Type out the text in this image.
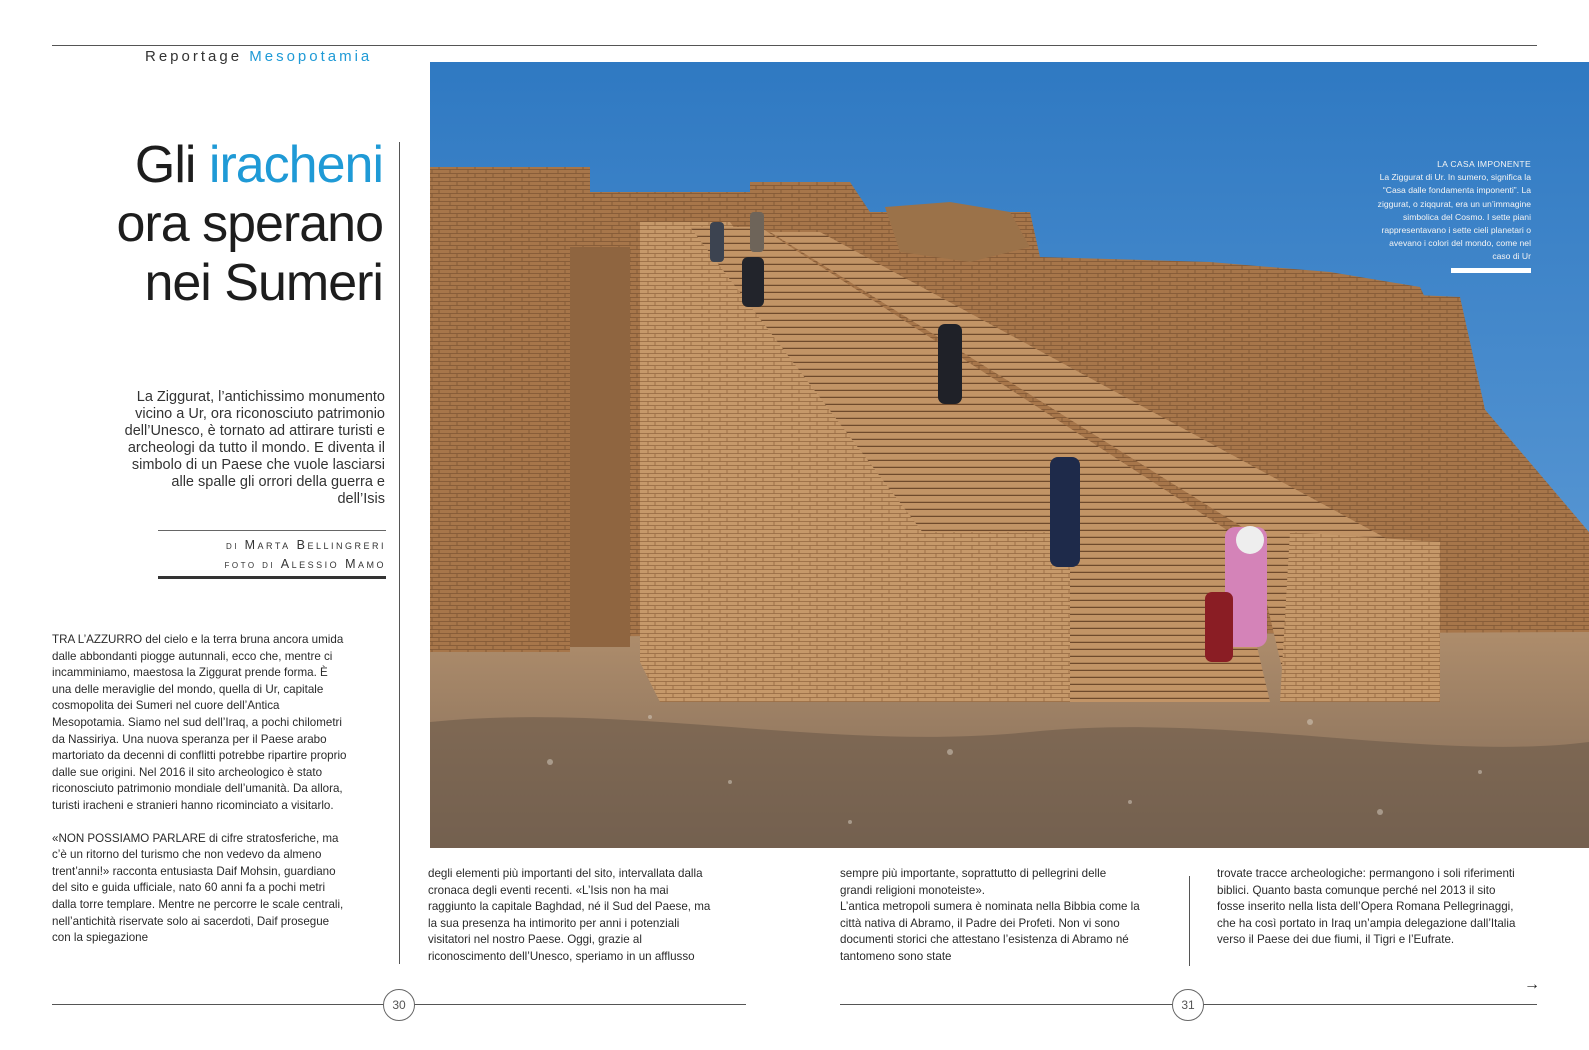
Reportage Mesopotamia
Gli iracheni
ora sperano
nei Sumeri
La Ziggurat, l’antichissimo monumento vicino a Ur, ora riconosciuto patrimonio dell’Unesco, è tornato ad attirare turisti e archeologi da tutto il mondo. E diventa il simbolo di un Paese che vuole lasciarsi alle spalle gli orrori della guerra e dell’Isis
di Marta Bellingreri
foto di Alessio Mamo
LA CASA IMPONENTE
La Ziggurat di Ur. In sumero, significa la “Casa dalle fondamenta imponenti”. La ziggurat, o ziqqurat, era un un’immagine simbolica del Cosmo. I sette piani rappresentavano i sette cieli planetari o avevano i colori del mondo, come nel caso di Ur

TRA L’AZZURRO del cielo e la terra bruna ancora umida dalle abbondanti piogge autunnali, ecco che, mentre ci incamminiamo, maestosa la Ziggurat prende forma. È una delle meraviglie del mondo, quella di Ur, capitale cosmopolita dei Sumeri nel cuore dell’Antica Mesopotamia. Siamo nel sud dell’Iraq, a pochi chilometri da Nassiriya. Una nuova speranza per il Paese arabo martoriato da decenni di conflitti potrebbe ripartire proprio dalle sue origini. Nel 2016 il sito archeologico è stato riconosciuto patrimonio mondiale dell’umanità. Da allora, turisti iracheni e stranieri hanno ricominciato a visitarlo.

«NON POSSIAMO PARLARE di cifre stratosferiche, ma c’è un ritorno del turismo che non vedevo da almeno trent’anni!» racconta entusiasta Daif Mohsin, guardiano del sito e guida ufficiale, nato 60 anni fa a pochi metri dalla torre templare. Mentre ne percorre le scale centrali, nell’antichità riservate solo ai sacerdoti, Daif prosegue con la spiegazione

degli elementi più importanti del sito, intervallata dalla cronaca degli eventi recenti. «L’Isis non ha mai raggiunto la capitale Baghdad, né il Sud del Paese, ma la sua presenza ha intimorito per anni i potenziali visitatori nel nostro Paese. Oggi, grazie al riconoscimento dell’Unesco, speriamo in un afflusso

sempre più importante, soprattutto di pellegrini delle grandi religioni monoteiste».

L’antica metropoli sumera è nominata nella Bibbia come la città nativa di Abramo, il Padre dei Profeti. Non vi sono documenti storici che attestano l’esistenza di Abramo né tantomeno sono state

trovate tracce archeologiche: permangono i soli riferimenti biblici. Quanto basta comunque perché nel 2013 il sito fosse inserito nella lista dell’Opera Romana Pellegrinaggi, che ha così portato in Iraq un’ampia delegazione dall’Italia verso il Paese dei due fiumi, il Tigri e l’Eufrate.

30	31
→
